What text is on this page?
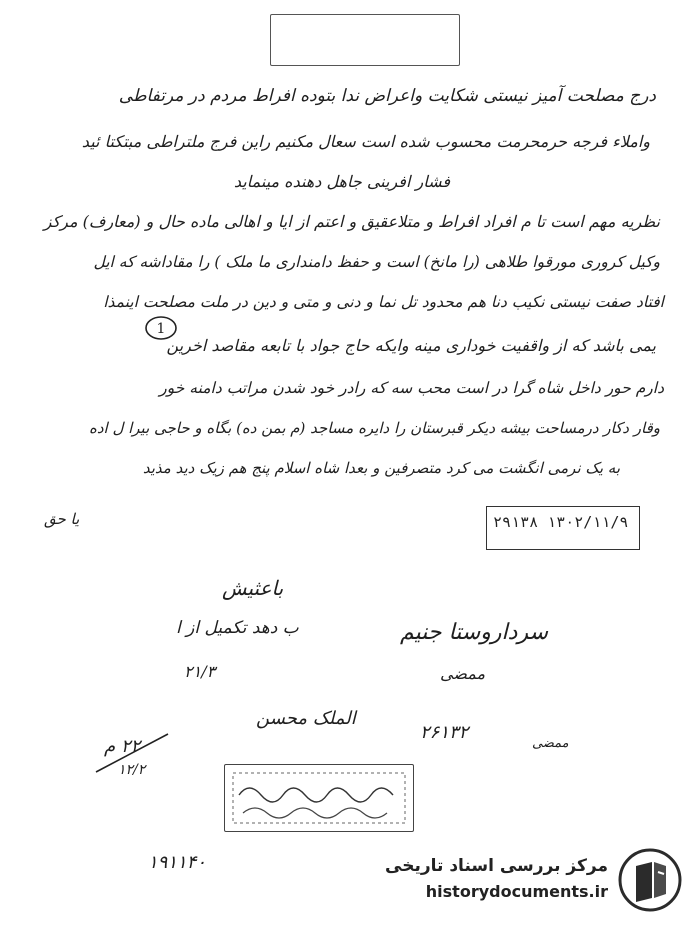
درج مصلحت آمیز نیستی شکایت واعراض ندا بتوده افراط مردم در مرتفاطی
واملاء فرجه حرمحرمت محسوب شده است سعال مکنیم راین فرج ملتراطی مبتکتا ئید
فشار افرینی جاهل دهنده مینماید
نظریه مهم است تا م افراد افراط و متلاعقیق و اعتم از ایا و اهالی ماده حال و (معارف) مرکز
وکیل کروری مورقوا طلاهی (را مانخ) است و حفظ دامنداری ما ملک ) را مقاداشه که ایل
افتاد صفت نیستی نکیب دنا هم محدود تل نما و دنی و متی و دین در ملت مصلحت اینمذا
1
یمی باشد که از واقفیت خوداری مینه وایکه حاج جواد با تابعه مقاصد اخرین
دارم حور داخل شاه گرا در است محب سه که رادر خود شدن مراتب دامنه خور
وقار دکار درمساحت بیشه دیکر قبرستان را دایره مساجد (م بمن ده) بگاه و حاجی بیرا ل اده
به یک نرمی انگشت می کرد متصرفین و بعدا شاه اسلام پنج هم زیک دید مذید
یا حق	۲۹۱۳۸ ۱۳۰۲/۱۱/۹
باعثیش
ب دهد تکمیل از ا
۲۱/۳
سرداروستا جنیم
ممضی
۲۲ م
۱۲/۲
الملک محسن
۲۶۱۳۲
ممضی
۱۹۱۱۴۰	مرکز بررسی اسناد تاریخی
historydocuments.ir
